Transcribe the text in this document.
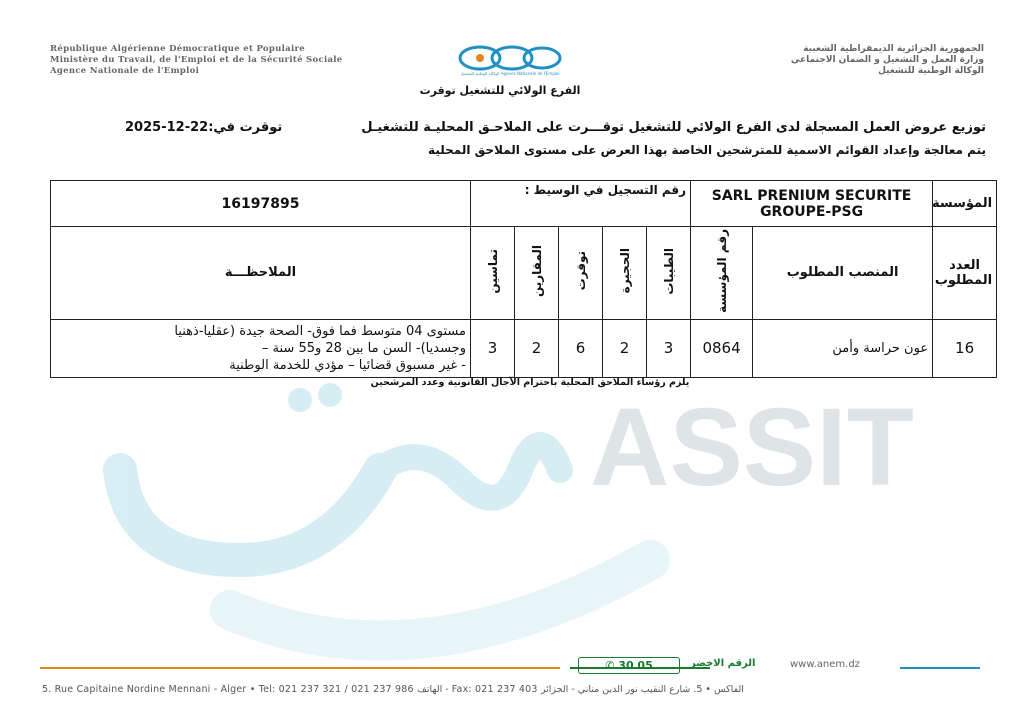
ASSIT
République Algérienne Démocratique et Populaire
Ministère du Travail, de l'Emploi et de la Sécurité Sociale
Agence Nationale de l'Emploi	الوكالة الوطنية للتشغيل Agence Nationale de l'Emploi
الجمهورية الجزائرية الديمقراطية الشعبية
وزارة العمل و التشغيل و الضمان الاجتماعي
الوكالة الوطنية للتشغيل
الفرع الولائي للتشغيل توقرت
توقرت في:22-12-2025	توزيع عروض العمل المسجلة لدى الفرع الولائي للتشغيل توقـــرت على الملاحـق المحليـة للتشغيـل
يتم معالجة وإعداد القوائم الاسمية للمترشحين الخاصة بهذا العرض على مستوى الملاحق المحلية
المؤسسة	SARL PRENIUM SECURITE GROUPE-PSG		رقم التسجيل في الوسيط :					16197895
العدد المطلوب	المنصب المطلوب	رقم المؤسسة	الطيبات	الحجيرة	توقرت	المقارين	تماسين	الملاحظـــة
16	عون حراسة وأمن	0864	3	2	6	2	3	مستوى 04 متوسط فما فوق- الصحة جيدة (عقليا-ذهنيا
وجسديا)- السن ما بين 28 و55 سنة –
- غير مسبوق قضائيا – مؤدي للخدمة الوطنية
يلزم رؤساء الملاحق المحلية باحترام الآجال القانونية وعدد المرشحين
✆ 30 05	الرقم الاخضر	www.anem.dz
5. Rue Capitaine Nordine Mennani - Alger • Tel: 021 237 321 / 021 237 986 الهاتف - Fax: 021 237 403 الفاكس • 5. شارع النقيب نور الدين مناني - الجزائر
